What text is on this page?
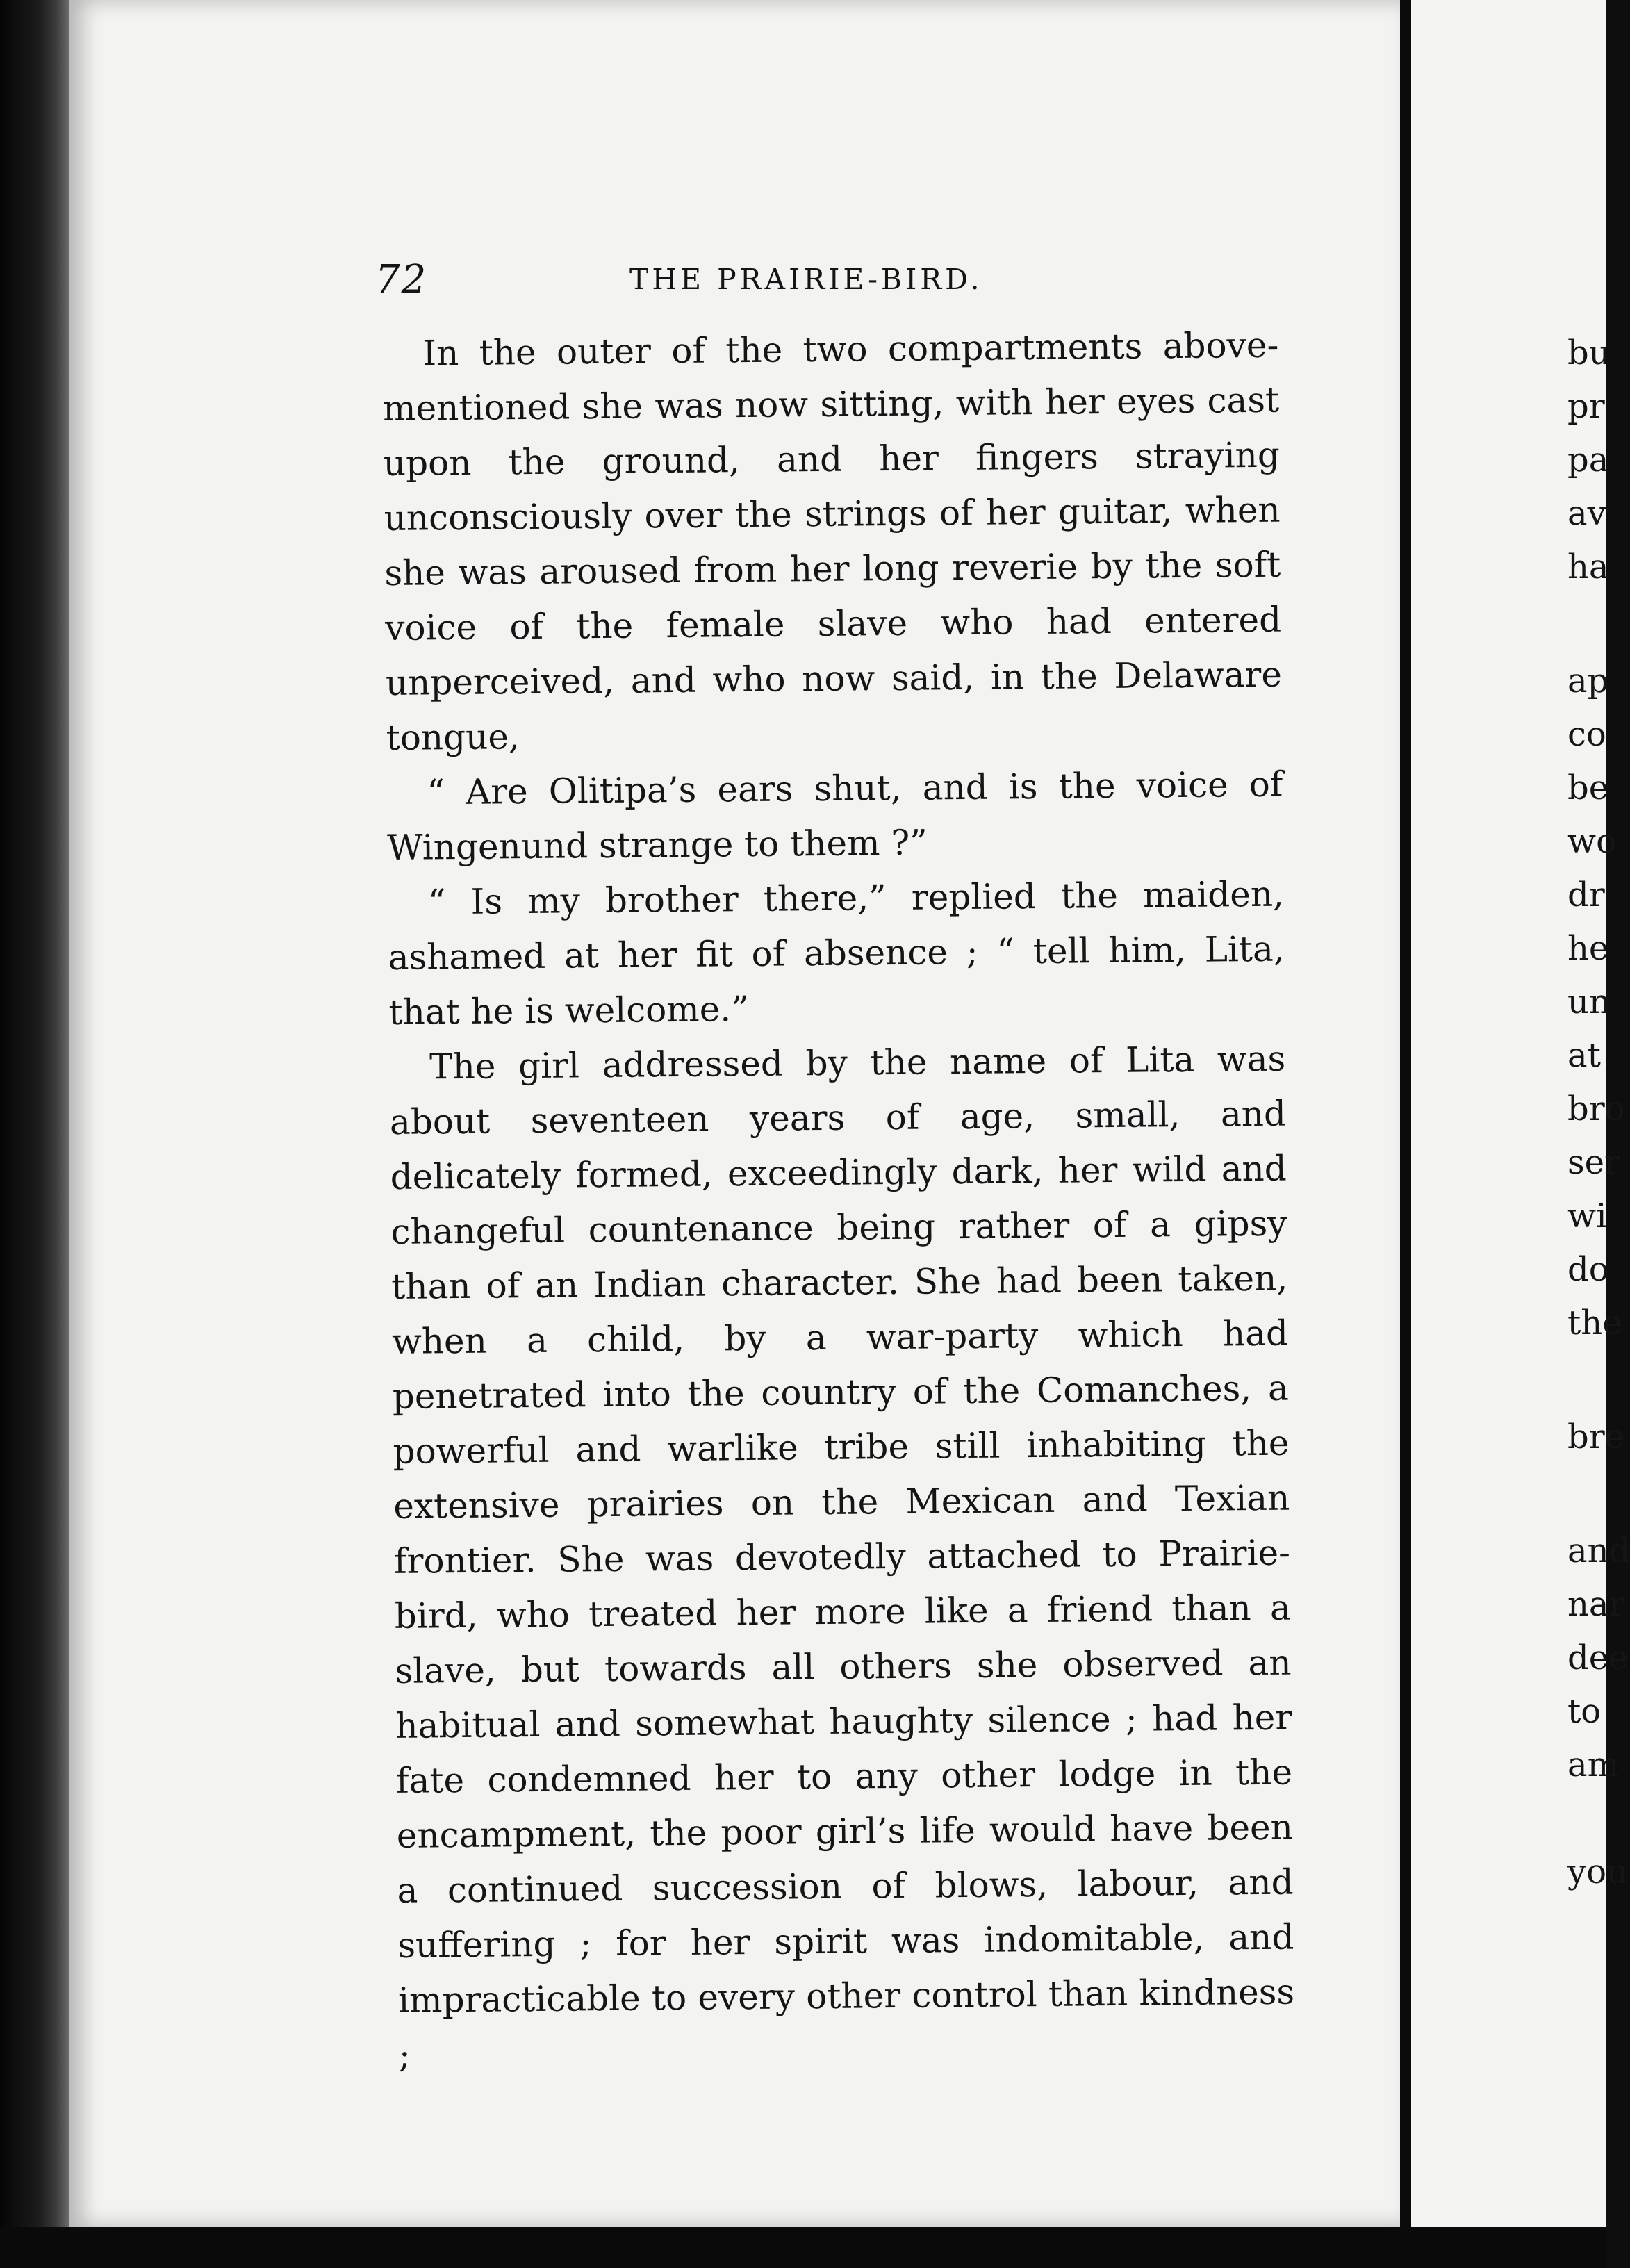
72	THE PRAIRIE-BIRD.

In the outer of the two compartments above-mentioned she was now sitting, with her eyes cast upon the ground, and her fingers straying unconsciously over the strings of her guitar, when she was aroused from her long reverie by the soft voice of the female slave who had entered unperceived, and who now said, in the Delaware tongue,

“ Are Olitipa’s ears shut, and is the voice of Wingenund strange to them ?”

“ Is my brother there,” replied the maiden, ashamed at her fit of absence ; “ tell him, Lita, that he is welcome.”

The girl addressed by the name of Lita was about seventeen years of age, small, and delicately formed, exceedingly dark, her wild and changeful countenance being rather of a gipsy than of an Indian character. She had been taken, when a child, by a war-party which had penetrated into the country of the Comanches, a powerful and warlike tribe still inhabiting the extensive prairies on the Mexican and Texian frontier. She was devotedly attached to Prairie-bird, who treated her more like a friend than a slave, but towards all others she observed an habitual and somewhat haughty silence ; had her fate condemned her to any other lodge in the encampment, the poor girl’s life would have been a continued succession of blows, labour, and suffering ; for her spirit was indomitable, and impracticable to every other control than kindness ;

bu
pr
pa
av
ha
ap
co
be
wo
dr
he
un
at
bro
ser
wi
do
the
bre
and
nar
dee
to
am
you
